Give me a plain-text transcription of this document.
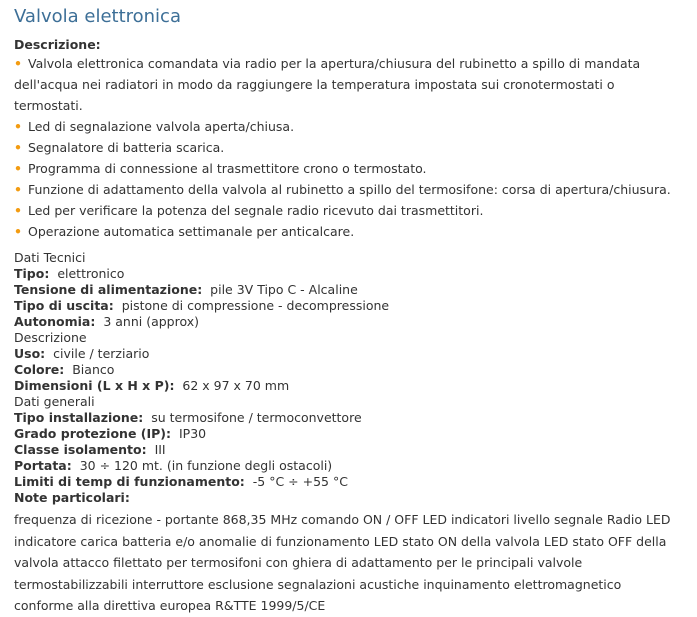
Valvola elettronica
Descrizione:
• Valvola elettronica comandata via radio per la apertura/chiusura del rubinetto a spillo di mandata dell'acqua nei radiatori in modo da raggiungere la temperatura impostata sui cronotermostati o termostati.
• Led di segnalazione valvola aperta/chiusa.
• Segnalatore di batteria scarica.
• Programma di connessione al trasmettitore crono o termostato.
• Funzione di adattamento della valvola al rubinetto a spillo del termosifone: corsa di apertura/chiusura.
• Led per verificare la potenza del segnale radio ricevuto dai trasmettitori.
• Operazione automatica settimanale per anticalcare.
Dati Tecnici
Tipo: elettronico
Tensione di alimentazione: pile 3V Tipo C - Alcaline
Tipo di uscita: pistone di compressione - decompressione
Autonomia: 3 anni (approx)
Descrizione
Uso: civile / terziario
Colore: Bianco
Dimensioni (L x H x P): 62 x 97 x 70 mm
Dati generali
Tipo installazione: su termosifone / termoconvettore
Grado protezione (IP): IP30
Classe isolamento: III
Portata: 30 ÷ 120 mt. (in funzione degli ostacoli)
Limiti di temp di funzionamento: -5 °C ÷ +55 °C
Note particolari:
frequenza di ricezione - portante 868,35 MHz comando ON / OFF LED indicatori livello segnale Radio LED indicatore carica batteria e/o anomalie di funzionamento LED stato ON della valvola LED stato OFF della valvola attacco filettato per termosifoni con ghiera di adattamento per le principali valvole termostabilizzabili interruttore esclusione segnalazioni acustiche inquinamento elettromagnetico conforme alla direttiva europea R&TTE 1999/5/CE
